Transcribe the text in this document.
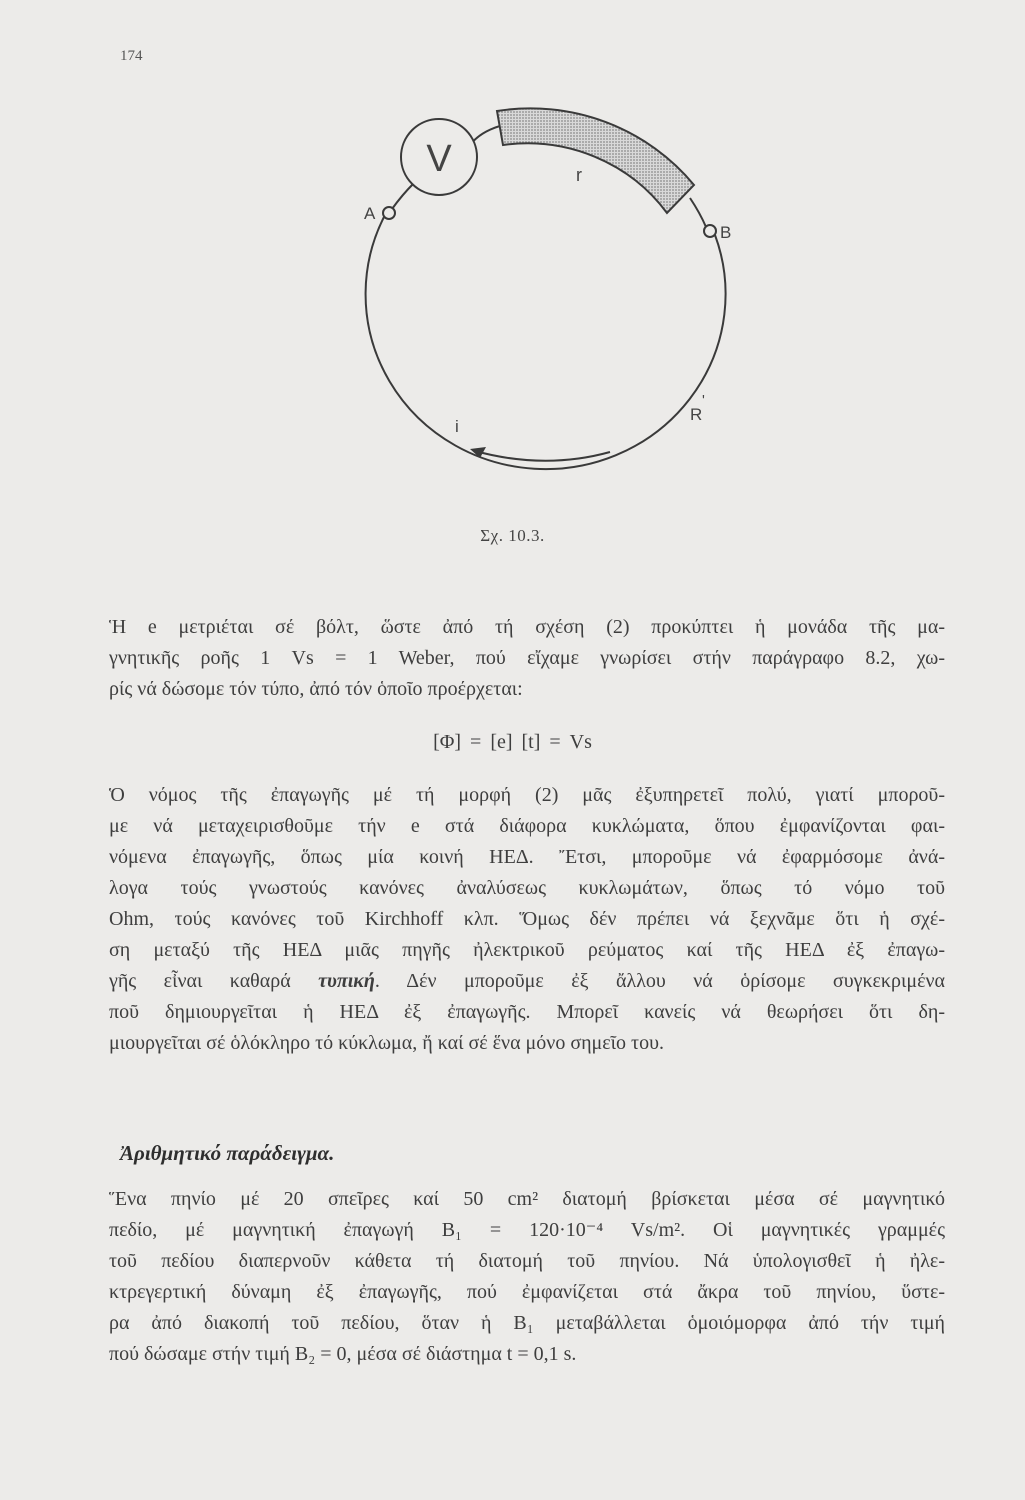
174
V
A
B
r
R
'
i
Σχ. 10.3.
Ἡ e μετριέται σέ βόλτ, ὥστε ἀπό τή σχέση (2) προκύπτει ἡ μονάδα τῆς μα-
γνητικῆς ροῆς 1 Vs = 1 Weber, πού εἴχαμε γνωρίσει στήν παράγραφο 8.2, χω-
ρίς νά δώσομε τόν τύπο, ἀπό τόν ὁποῖο προέρχεται:
[Φ] = [e] [t] = Vs
Ὁ νόμος τῆς ἐπαγωγῆς μέ τή μορφή (2) μᾶς ἐξυπηρετεῖ πολύ, γιατί μποροῦ-
με νά μεταχειρισθοῦμε τήν e στά διάφορα κυκλώματα, ὅπου ἐμφανίζονται φαι-
νόμενα ἐπαγωγῆς, ὅπως μία κοινή ΗΕΔ. Ἔτσι, μποροῦμε νά ἐφαρμόσομε ἀνά-
λογα τούς γνωστούς κανόνες ἀναλύσεως κυκλωμάτων, ὅπως τό νόμο τοῦ
Ohm, τούς κανόνες τοῦ Kirchhoff κλπ. Ὅμως δέν πρέπει νά ξεχνᾶμε ὅτι ἡ σχέ-
ση μεταξύ τῆς ΗΕΔ μιᾶς πηγῆς ἠλεκτρικοῦ ρεύματος καί τῆς ΗΕΔ ἐξ ἐπαγω-
γῆς εἶναι καθαρά τυπική. Δέν μποροῦμε ἐξ ἄλλου νά ὁρίσομε συγκεκριμένα
ποῦ δημιουργεῖται ἡ ΗΕΔ ἐξ ἐπαγωγῆς. Μπορεῖ κανείς νά θεωρήσει ὅτι δη-
μιουργεῖται σέ ὁλόκληρο τό κύκλωμα, ἤ καί σέ ἕνα μόνο σημεῖο του.
Ἀριθμητικό παράδειγμα.
Ἕνα πηνίο μέ 20 σπεῖρες καί 50 cm² διατομή βρίσκεται μέσα σέ μαγνητικό
πεδίο, μέ μαγνητική ἐπαγωγή B₁ = 120·10⁻⁴ Vs/m². Οἱ μαγνητικές γραμμές
τοῦ πεδίου διαπερνοῦν κάθετα τή διατομή τοῦ πηνίου. Νά ὑπολογισθεῖ ἡ ἠλε-
κτρεγερτική δύναμη ἐξ ἐπαγωγῆς, πού ἐμφανίζεται στά ἄκρα τοῦ πηνίου, ὕστε-
ρα ἀπό διακοπή τοῦ πεδίου, ὅταν ἡ B₁ μεταβάλλεται ὁμοιόμορφα ἀπό τήν τιμή
πού δώσαμε στήν τιμή B₂ = 0, μέσα σέ διάστημα t = 0,1 s.
